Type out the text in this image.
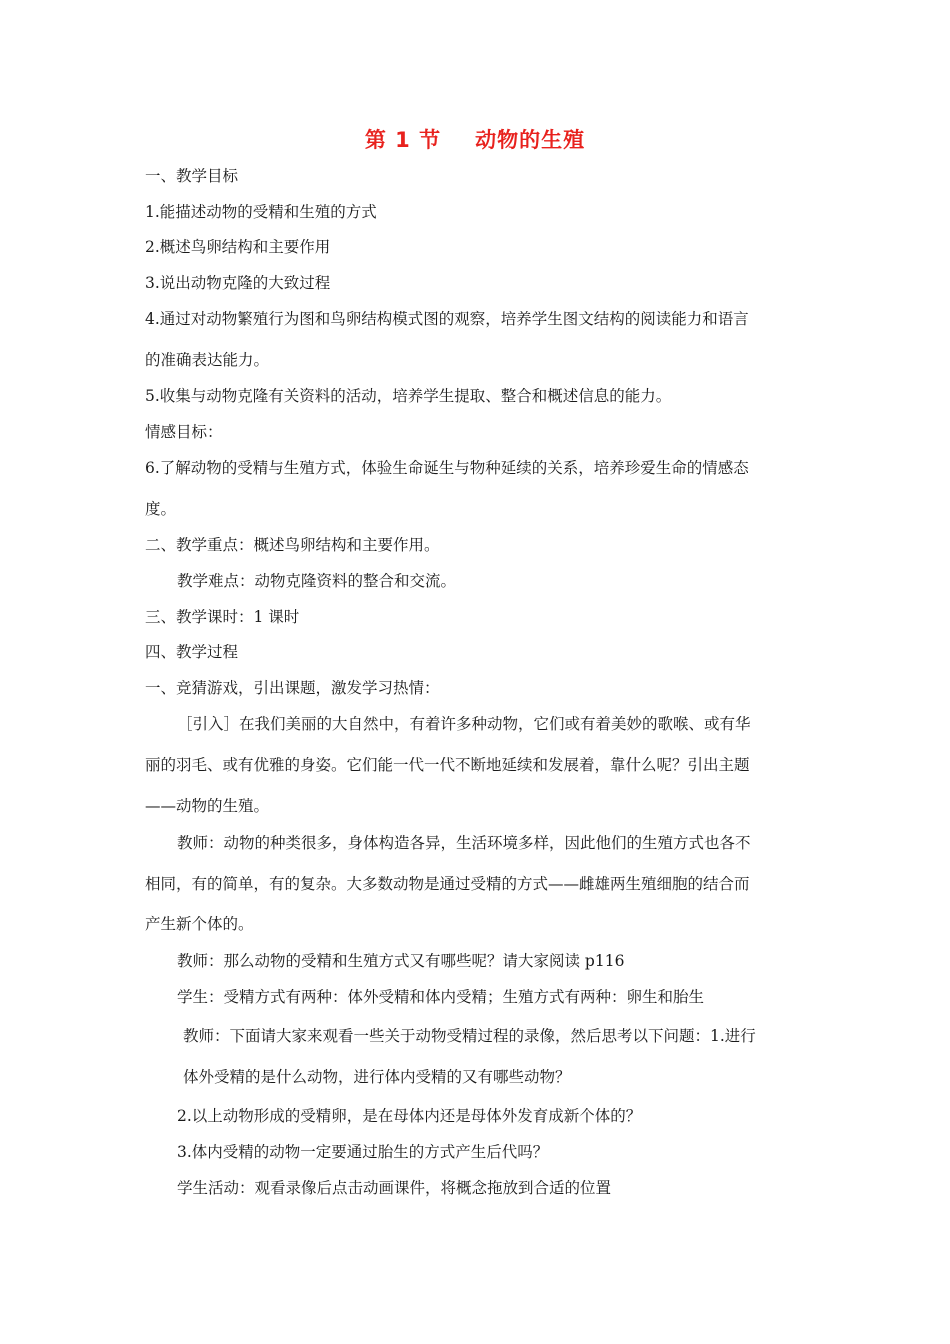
第 1 节 动物的生殖
一、教学目标
1.能描述动物的受精和生殖的方式
2.概述鸟卵结构和主要作用
3.说出动物克隆的大致过程
4.通过对动物繁殖行为图和鸟卵结构模式图的观察，培养学生图文结构的阅读能力和语言
的准确表达能力。
5.收集与动物克隆有关资料的活动，培养学生提取、整合和概述信息的能力。
情感目标：
6.了解动物的受精与生殖方式，体验生命诞生与物种延续的关系，培养珍爱生命的情感态
度。
二、教学重点：概述鸟卵结构和主要作用。
教学难点：动物克隆资料的整合和交流。
三、教学课时：1 课时
四、教学过程
一、竞猜游戏，引出课题，激发学习热情：
［引入］在我们美丽的大自然中，有着许多种动物，它们或有着美妙的歌喉、或有华
丽的羽毛、或有优雅的身姿。它们能一代一代不断地延续和发展着，靠什么呢？引出主题
——动物的生殖。
教师：动物的种类很多，身体构造各异，生活环境多样，因此他们的生殖方式也各不
相同，有的简单，有的复杂。大多数动物是通过受精的方式——雌雄两生殖细胞的结合而
产生新个体的。
教师：那么动物的受精和生殖方式又有哪些呢？请大家阅读 p116
学生：受精方式有两种：体外受精和体内受精；生殖方式有两种：卵生和胎生
教师：下面请大家来观看一些关于动物受精过程的录像，然后思考以下问题：1.进行
体外受精的是什么动物，进行体内受精的又有哪些动物？
2.以上动物形成的受精卵，是在母体内还是母体外发育成新个体的？
3.体内受精的动物一定要通过胎生的方式产生后代吗？
学生活动：观看录像后点击动画课件，将概念拖放到合适的位置
